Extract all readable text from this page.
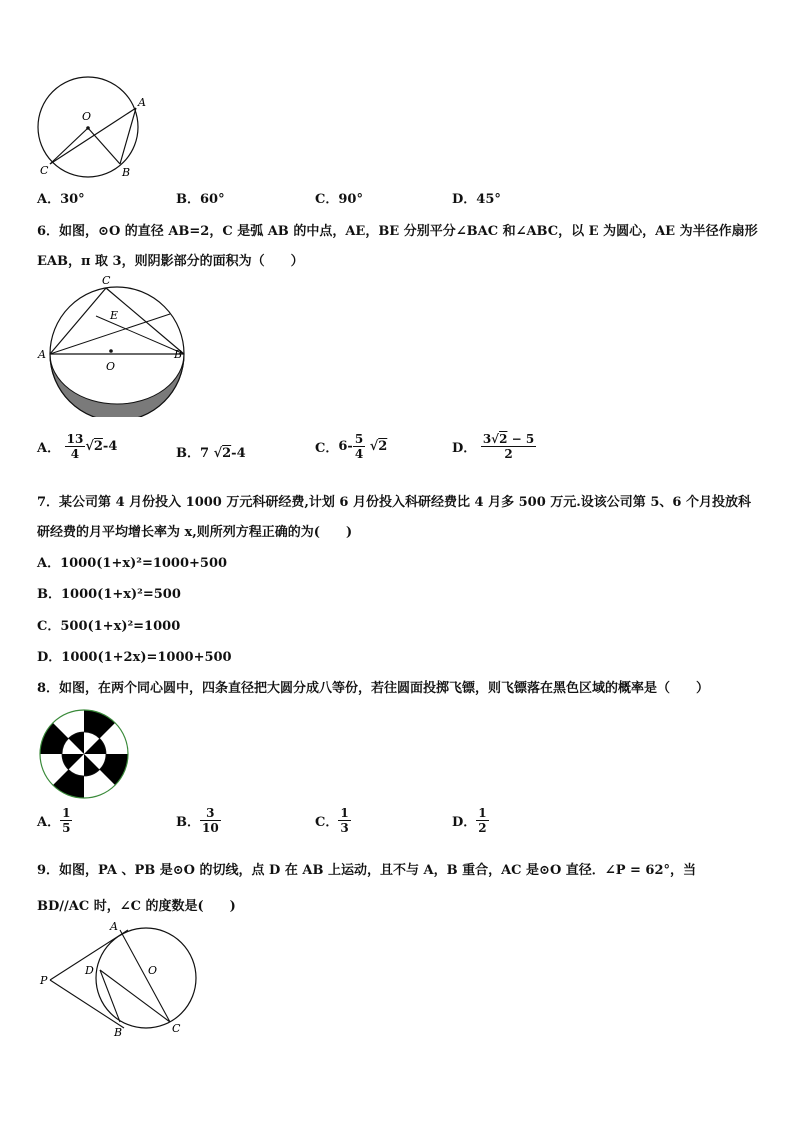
O
A
B
C
A．30°	B．60°	C．90°	D．45°
6．如图，⊙O 的直径 AB=2，C 是弧 AB 的中点，AE，BE 分别平分∠BAC 和∠ABC，以 E 为圆心，AE 为半径作扇形
EAB，π 取 3，则阴影部分的面积为（　　）
C
E
A	B
O
A． $\frac{13}{4} √2-4$	B．7 √2-4	C．$6- \frac{5}{4} √2$	D． $\frac{3√2 - 5}{2}$
7．某公司第 4 月份投入 1000 万元科研经费,计划 6 月份投入科研经费比 4 月多 500 万元.设该公司第 5、6 个月投放科
研经费的月平均增长率为 x,则所列方程正确的为(　　)
A．1000(1+x)²=1000+500
B．1000(1+x)²=500
C．500(1+x)²=1000
D．1000(1+2x)=1000+500
8．如图，在两个同心圆中，四条直径把大圆分成八等份，若往圆面投掷飞镖，则飞镖落在黑色区域的概率是（　　）
A． $\frac{1}{5}$	B． $\frac{3}{10}$	C． $\frac{1}{3}$	D． $\frac{1}{2}$
9．如图，PA 、PB 是⊙O 的切线，点 D 在 AB 上运动，且不与 A，B 重合，AC 是⊙O 直径．∠P = 62°，当
BD//AC 时，∠C 的度数是(　　)
A
O
D
P
B	C
